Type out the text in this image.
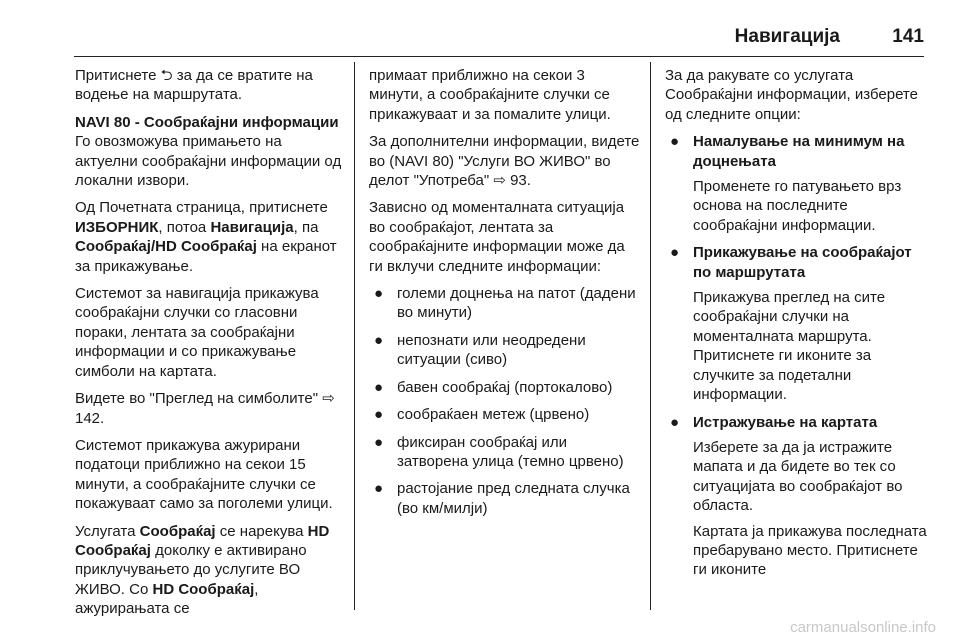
Навигација	141

Притиснете ⮌ за да се вратите на водење на маршрутата.

NAVI 80 - Сообраќајни информации
Го овозможува примањето на актуелни сообраќајни информации од локални извори.

Од Почетната страница, притиснете ИЗБОРНИК, потоа Навигација, па Сообраќај/HD Сообраќај на екранот за прикажување.

Системот за навигација прикажува сообраќајни случки со гласовни пораки, лентата за сообраќајни информации и со прикажување симболи на картата.

Видете во "Преглед на симболите" ⇨ 142.

Системот прикажува ажурирани податоци приближно на секои 15 минути, а сообраќајните случки се покажуваат само за поголеми улици.

Услугата Сообраќај се нарекува HD Сообраќај доколку е активирано приклучувањето до услугите ВО ЖИВО. Со HD Сообраќај, ажурирањата се

примаат приближно на секои 3 минути, а сообраќајните случки се прикажуваат и за помалите улици.

За дополнителни информации, видете во (NAVI 80) "Услуги ВО ЖИВО" во делот "Употреба" ⇨ 93.

Зависно од моменталната ситуација во сообраќајот, лентата за сообраќајните информации може да ги вклучи следните информации:

● големи доцнења на патот (дадени во минути)
● непознати или неодредени ситуации (сиво)
● бавен сообраќај (портокалово)
● сообраќаен метеж (црвено)
● фиксиран сообраќај или затворена улица (темно црвено)
● растојание пред следната случка (во км/милји)

За да ракувате со услугата Сообраќајни информации, изберете од следните опции:

● Намалување на минимум на доцнењата

Променете го патувањето врз основа на последните сообраќајни информации.

● Прикажување на сообраќајот по маршрутата

Прикажува преглед на сите сообраќајни случки на моменталната маршрута. Притиснете ги иконите за случките за подетални информации.

● Истражување на картата

Изберете за да ја истражите мапата и да бидете во тек со ситуацијата во сообраќајот во областа.

Картата ја прикажува последната пребарувано место. Притиснете ги иконите

carmanualsonline.info
